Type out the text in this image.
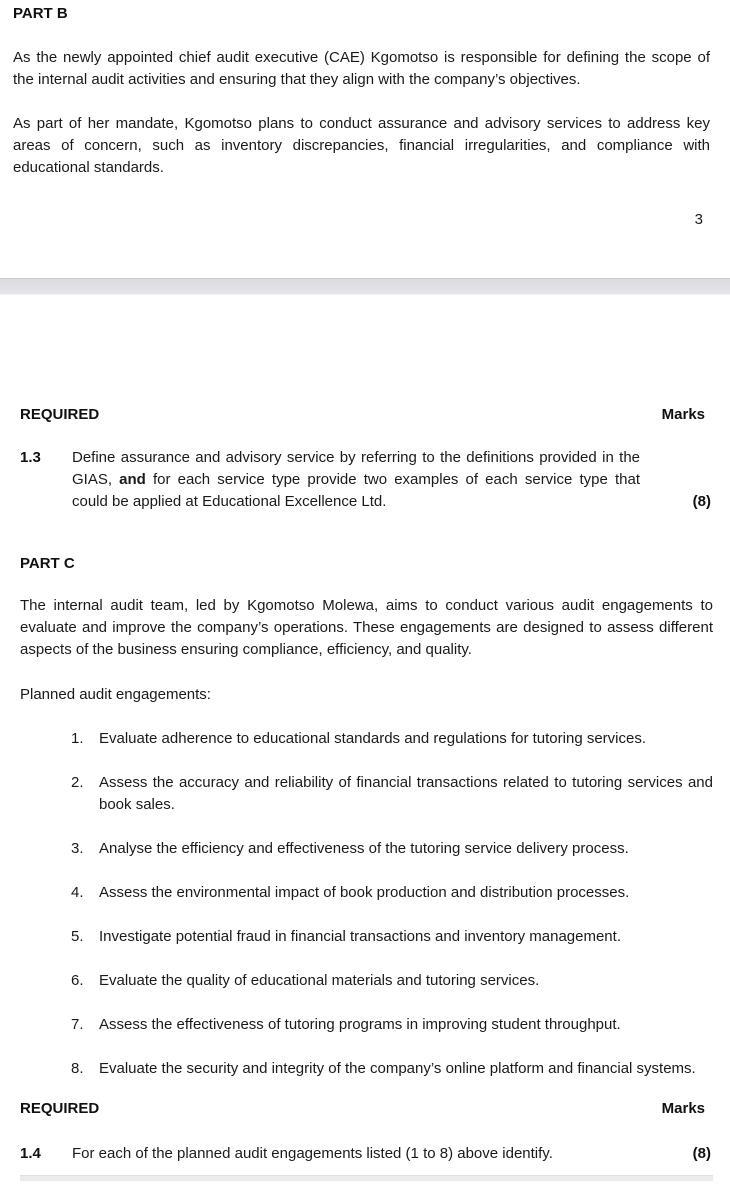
PART B

As the newly appointed chief audit executive (CAE) Kgomotso is responsible for defining the scope of the internal audit activities and ensuring that they align with the company’s objectives.

As part of her mandate, Kgomotso plans to conduct assurance and advisory services to address key areas of concern, such as inventory discrepancies, financial irregularities, and compliance with educational standards.

3
REQUIRED	Marks
1.3	Define assurance and advisory service by referring to the definitions provided in the GIAS, and for each service type provide two examples of each service type that could be applied at Educational Excellence Ltd.	(8)
PART C

The internal audit team, led by Kgomotso Molewa, aims to conduct various audit engagements to evaluate and improve the company’s operations. These engagements are designed to assess different aspects of the business ensuring compliance, efficiency, and quality.

Planned audit engagements:
1.	Evaluate adherence to educational standards and regulations for tutoring services.
2.	Assess the accuracy and reliability of financial transactions related to tutoring services and book sales.
3.	Analyse the efficiency and effectiveness of the tutoring service delivery process.
4.	Assess the environmental impact of book production and distribution processes.
5.	Investigate potential fraud in financial transactions and inventory management.
6.	Evaluate the quality of educational materials and tutoring services.
7.	Assess the effectiveness of tutoring programs in improving student throughput.
8.	Evaluate the security and integrity of the company’s online platform and financial systems.
REQUIRED	Marks
1.4	For each of the planned audit engagements listed (1 to 8) above identify.	(8)
